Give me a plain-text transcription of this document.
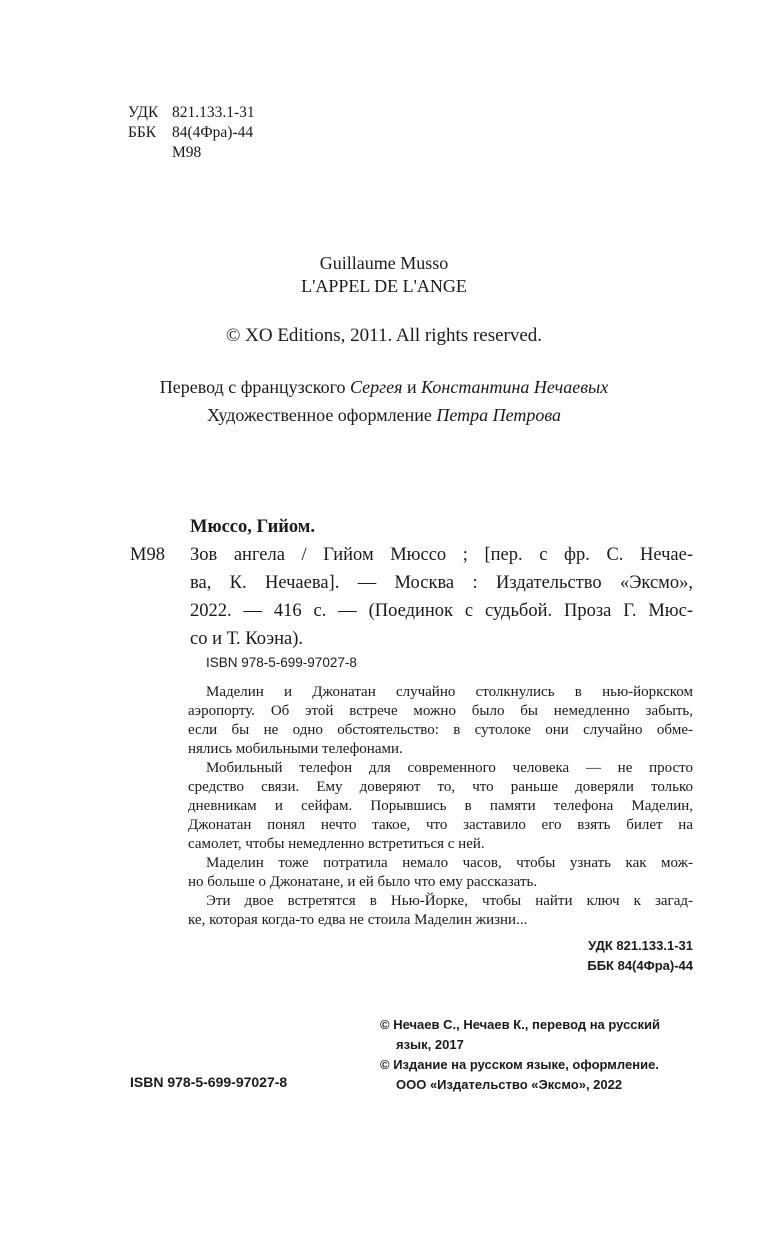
УДК 821.133.1-31
ББК	84(4Фра)-44
М98
Guillaume Musso
L'APPEL DE L'ANGE
© XO Editions, 2011. All rights reserved.
Перевод с французского Сергея и Константина Нечаевых
Художественное оформление Петра Петрова
Мюссо, Гийом.
М98 Зов ангела / Гийом Мюссо ; [пер. с фр. С. Нечае-
ва, К. Нечаева]. — Москва : Издательство «Эксмо»,
2022. — 416 с. — (Поединок с судьбой. Проза Г. Мюс-
со и Т. Коэна).
ISBN 978-5-699-97027-8
Маделин и Джонатан случайно столкнулись в нью-йоркском
аэропорту. Об этой встрече можно было бы немедленно забыть,
если бы не одно обстоятельство: в сутолоке они случайно обме-
нялись мобильными телефонами.
Мобильный телефон для современного человека — не просто
средство связи. Ему доверяют то, что раньше доверяли только
дневникам и сейфам. Порывшись в памяти телефона Маделин,
Джонатан понял нечто такое, что заставило его взять билет на
самолет, чтобы немедленно встретиться с ней.
Маделин тоже потратила немало часов, чтобы узнать как мож-
но больше о Джонатане, и ей было что ему рассказать.
Эти двое встретятся в Нью-Йорке, чтобы найти ключ к загад-
ке, которая когда-то едва не стоила Маделин жизни...
УДК 821.133.1-31
ББК 84(4Фра)-44
© Нечаев С., Нечаев К., перевод на русский
язык, 2017
© Издание на русском языке, оформление.
ООО «Издательство «Эксмо», 2022
ISBN 978-5-699-97027-8
